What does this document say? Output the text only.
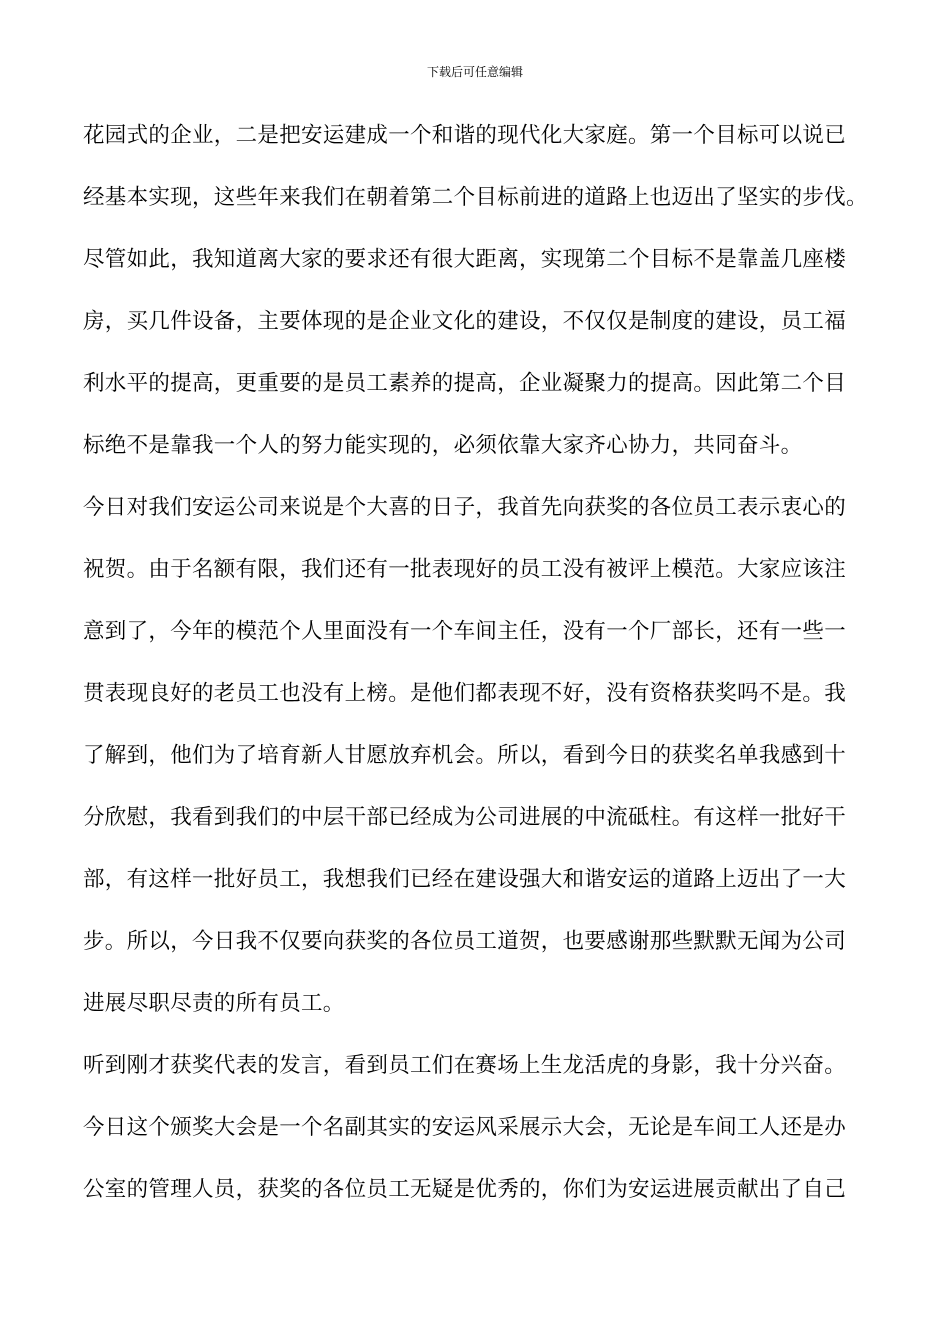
下载后可任意编辑
花园式的企业，二是把安运建成一个和谐的现代化大家庭。第一个目标可以说已
经基本实现，这些年来我们在朝着第二个目标前进的道路上也迈出了坚实的步伐。
尽管如此，我知道离大家的要求还有很大距离，实现第二个目标不是靠盖几座楼
房，买几件设备，主要体现的是企业文化的建设，不仅仅是制度的建设，员工福
利水平的提高，更重要的是员工素养的提高，企业凝聚力的提高。因此第二个目
标绝不是靠我一个人的努力能实现的，必须依靠大家齐心协力，共同奋斗。
今日对我们安运公司来说是个大喜的日子，我首先向获奖的各位员工表示衷心的
祝贺。由于名额有限，我们还有一批表现好的员工没有被评上模范。大家应该注
意到了，今年的模范个人里面没有一个车间主任，没有一个厂部长，还有一些一
贯表现良好的老员工也没有上榜。是他们都表现不好，没有资格获奖吗不是。我
了解到，他们为了培育新人甘愿放弃机会。所以，看到今日的获奖名单我感到十
分欣慰，我看到我们的中层干部已经成为公司进展的中流砥柱。有这样一批好干
部，有这样一批好员工，我想我们已经在建设强大和谐安运的道路上迈出了一大
步。所以，今日我不仅要向获奖的各位员工道贺，也要感谢那些默默无闻为公司
进展尽职尽责的所有员工。
听到刚才获奖代表的发言，看到员工们在赛场上生龙活虎的身影，我十分兴奋。
今日这个颁奖大会是一个名副其实的安运风采展示大会，无论是车间工人还是办
公室的管理人员，获奖的各位员工无疑是优秀的，你们为安运进展贡献出了自己
